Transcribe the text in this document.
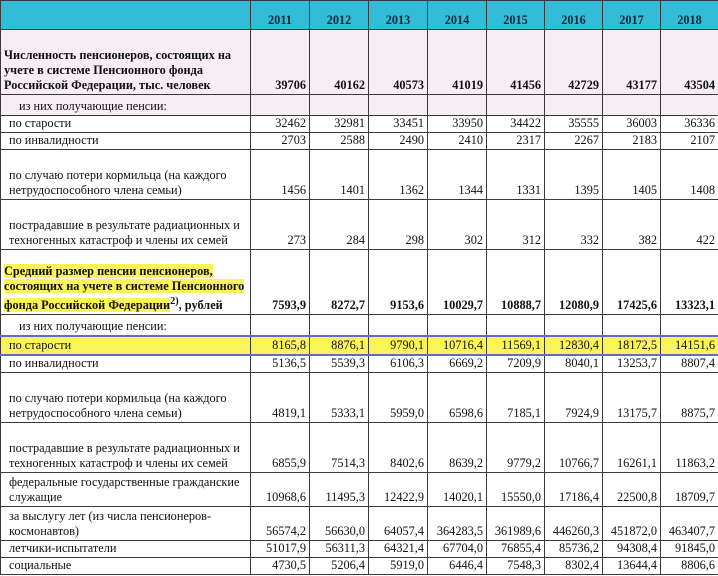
	2011	2012	2013	2014	2015	2016	2017	2018
Численность пенсионеров, состоящих на учете в системе Пенсионного фонда Российской Федерации, тыс. человек	39706	40162	40573	41019	41456	42729	43177	43504
из них получающие пенсии:								
по старости	32462	32981	33451	33950	34422	35555	36003	36336
по инвалидности	2703	2588	2490	2410	2317	2267	2183	2107
по случаю потери кормильца (на каждого нетрудоспособного члена семьи)	1456	1401	1362	1344	1331	1395	1405	1408
пострадавшие в результате радиационных и техногенных катастроф и члены их семей	273	284	298	302	312	332	382	422
Средний размер пенсии пенсионеров, состоящих на учете в системе Пенсионного фонда Российской Федерации$^{2)}$, рублей	7593,9	8272,7	9153,6	10029,7	10888,7	12080,9	17425,6	13323,1
из них получающие пенсии:								
по старости	8165,8	8876,1	9790,1	10716,4	11569,1	12830,4	18172,5	14151,6
по инвалидности	5136,5	5539,3	6106,3	6669,2	7209,9	8040,1	13253,7	8807,4
по случаю потери кормильца (на каждого нетрудоспособного члена семьи)	4819,1	5333,1	5959,0	6598,6	7185,1	7924,9	13175,7	8875,7
пострадавшие в результате радиационных и техногенных катастроф и члены их семей	6855,9	7514,3	8402,6	8639,2	9779,2	10766,7	16261,1	11863,2
федеральные государственные гражданские служащие	10968,6	11495,3	12422,9	14020,1	15550,0	17186,4	22500,8	18709,7
за выслугу лет (из числа пенсионеров-космонавтов)	56574,2	56630,0	64057,4	364283,5	361989,6	446260,3	451872,0	463407,7
летчики-испытатели	51017,9	56311,3	64321,4	67704,0	76855,4	85736,2	94308,4	91845,0
социальные	4730,5	5206,4	5919,0	6446,4	7548,3	8302,4	13644,4	8806,6
